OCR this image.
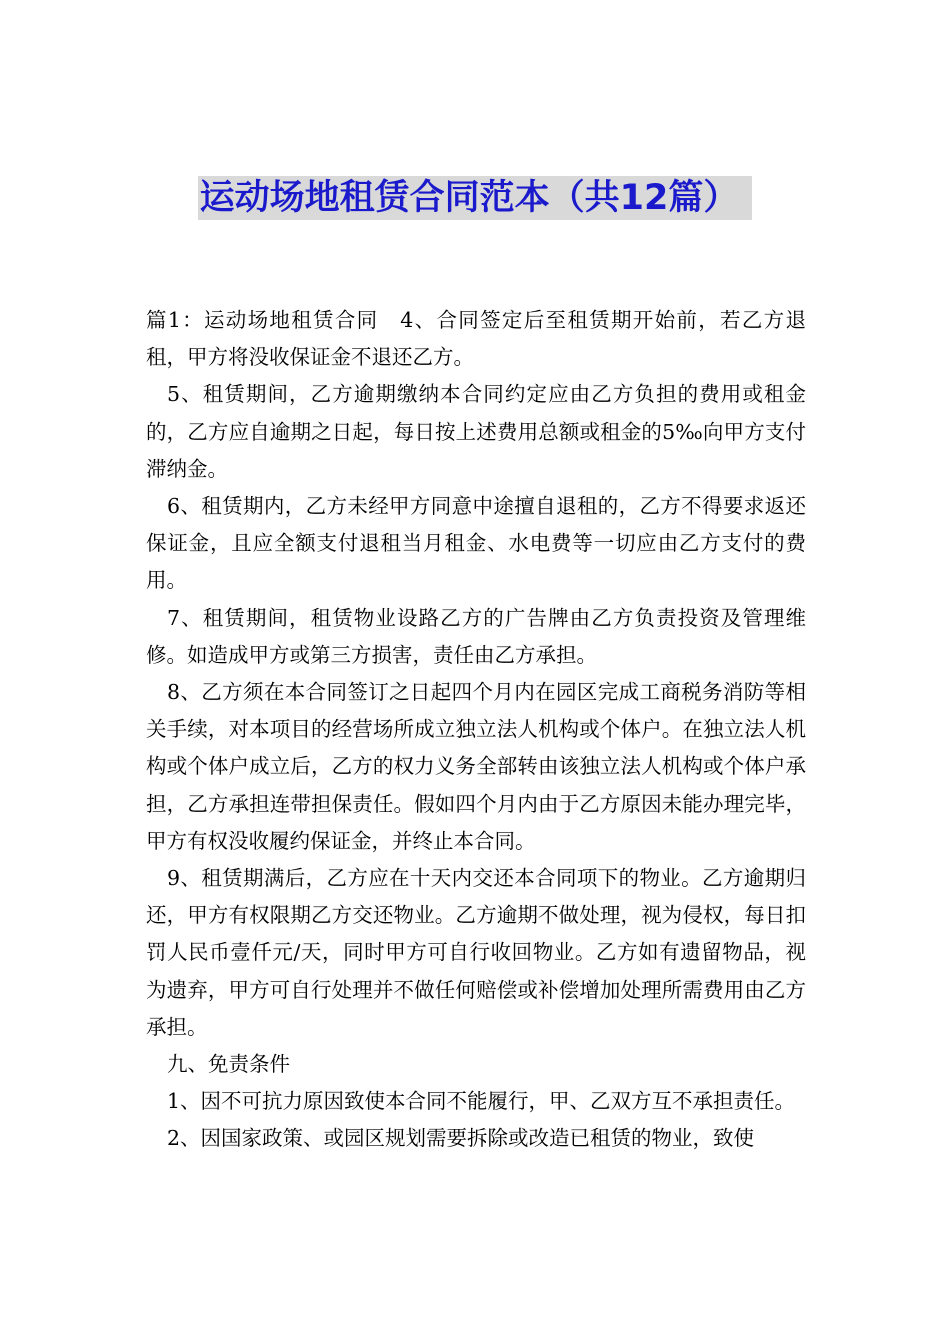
运动场地租赁合同范本（共12篇）

篇1：运动场地租赁合同　4、合同签定后至租赁期开始前，若乙方退租，甲方将没收保证金不退还乙方。

5、租赁期间，乙方逾期缴纳本合同约定应由乙方负担的费用或租金的，乙方应自逾期之日起，每日按上述费用总额或租金的5‰向甲方支付滞纳金。

6、租赁期内，乙方未经甲方同意中途擅自退租的，乙方不得要求返还保证金，且应全额支付退租当月租金、水电费等一切应由乙方支付的费用。

7、租赁期间，租赁物业设路乙方的广告牌由乙方负责投资及管理维修。如造成甲方或第三方损害，责任由乙方承担。

8、乙方须在本合同签订之日起四个月内在园区完成工商税务消防等相关手续，对本项目的经营场所成立独立法人机构或个体户。在独立法人机构或个体户成立后，乙方的权力义务全部转由该独立法人机构或个体户承担，乙方承担连带担保责任。假如四个月内由于乙方原因未能办理完毕，甲方有权没收履约保证金，并终止本合同。

9、租赁期满后，乙方应在十天内交还本合同项下的物业。乙方逾期归还，甲方有权限期乙方交还物业。乙方逾期不做处理，视为侵权，每日扣罚人民币壹仟元/天，同时甲方可自行收回物业。乙方如有遗留物品，视为遗弃，甲方可自行处理并不做任何赔偿或补偿增加处理所需费用由乙方承担。

九、免责条件

1、因不可抗力原因致使本合同不能履行，甲、乙双方互不承担责任。

2、因国家政策、或园区规划需要拆除或改造已租赁的物业，致使
